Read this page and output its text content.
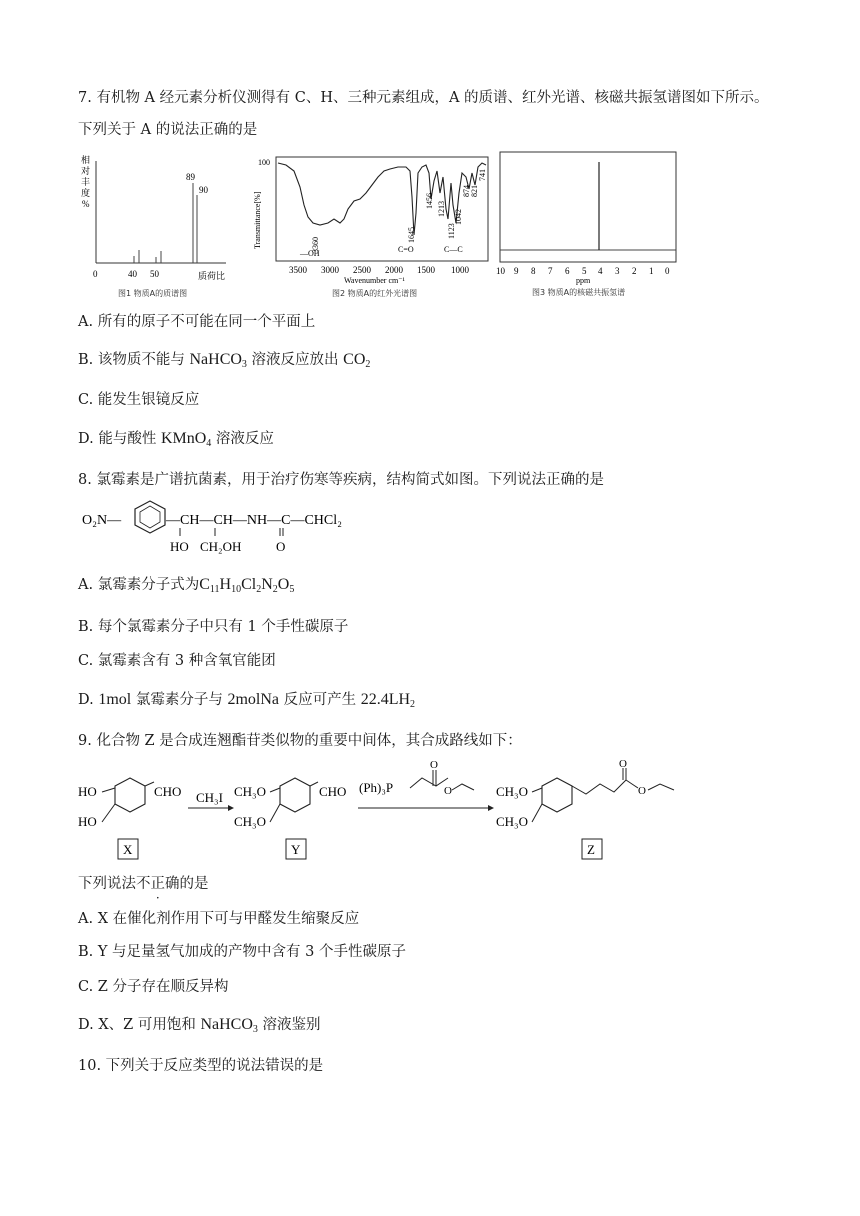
7. 有机物 A 经元素分析仪测得有 C、H、三种元素组成，A 的质谱、红外光谱、核磁共振氢谱图如下所示。
下列关于 A 的说法正确的是
相
对
丰
度
%
89
90
0	40 50	质荷比
图1 物质A的质谱图
Transmittance[%]
100
3360
1645
1456 1213
1123
1042
874 821
741
—OH	C=O	C—C
3500 3000 2500 2000 1500 1000
Wavenumber cm⁻¹
图2 物质A的红外光谱图
10 9 8 7 6 5 4 3 2 1 0
ppm
图3 物质A的核磁共振氢谱
A. 所有的原子不可能在同一个平面上
B. 该物质不能与 NaHCO$_3$ 溶液反应放出 $CO_2$
C. 能发生银镜反应
D. 能与酸性 KMnO$_4$ 溶液反应
8. 氯霉素是广谱抗菌素，用于治疗伤寒等疾病，结构简式如图。下列说法正确的是
O₂N—	—CH—CH—NH—C—CHCl₂
HO CH₂OH	O
A. 氯霉素分子式为$C_{11}H_{10}Cl_2N_2O_5$
B. 每个氯霉素分子中只有 1 个手性碳原子
C. 氯霉素含有 3 种含氧官能团
D. 1mol 氯霉素分子与 2molNa 反应可产生 $22.4LH_2$
9. 化合物 Z 是合成连翘酯苷类似物的重要中间体，其合成路线如下：
HO
HO
CHO
X
CH₃I CH₃O
CH₃O
CHO
Y
(Ph)₃P
O
O	CH₃O
CH₃O
O
O
Z
下列说法不正确的是
A. X 在催化剂作用下可与甲醛发生缩聚反应
B. Y 与足量氢气加成的产物中含有 3 个手性碳原子
C. Z 分子存在顺反异构
D. X、Z 可用饱和 NaHCO$_3$ 溶液鉴别
10. 下列关于反应类型的说法错误的是
